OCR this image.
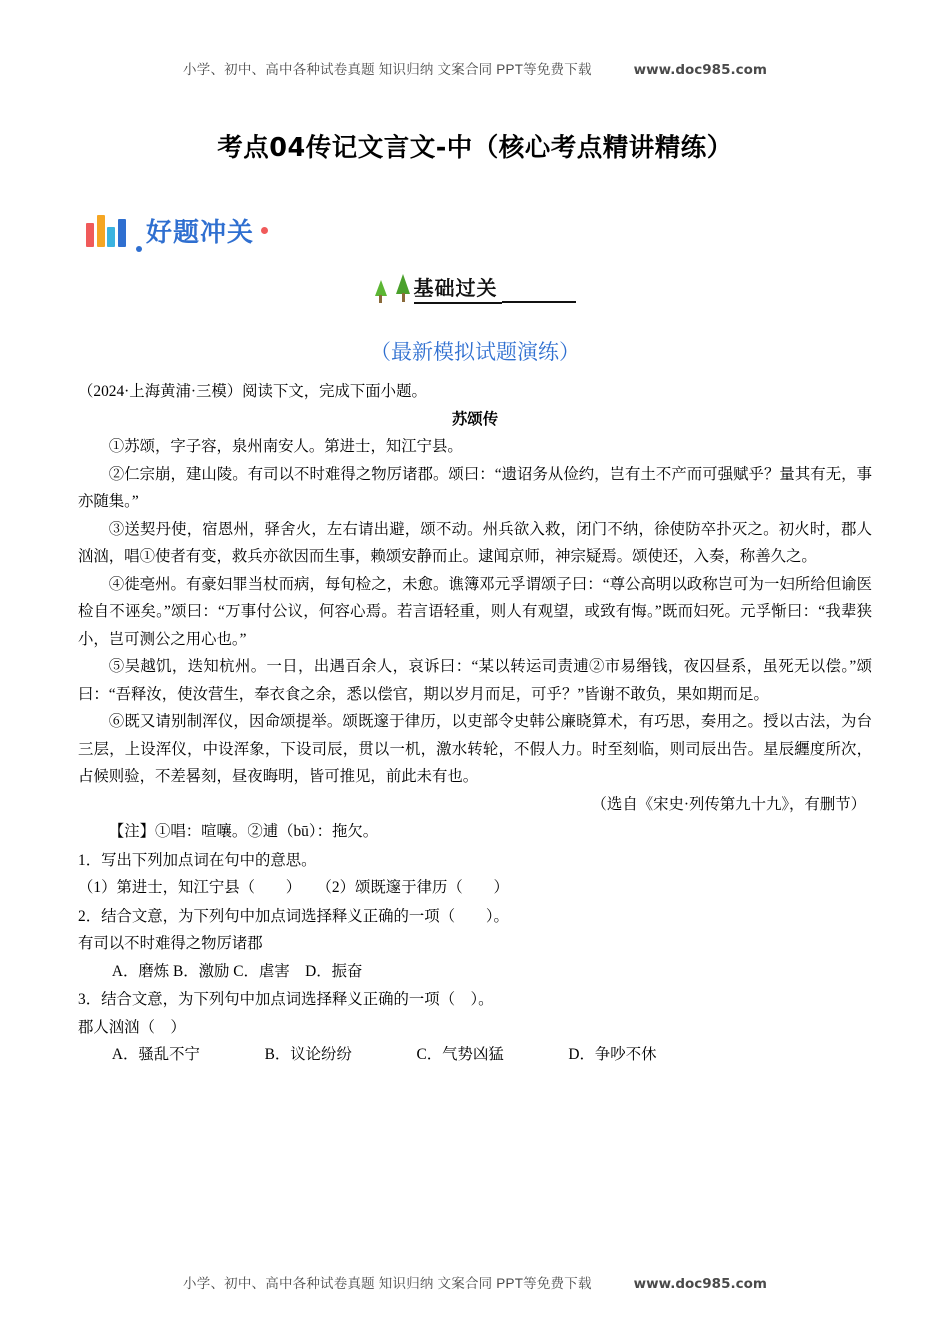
小学、初中、高中各种试卷真题 知识归纳 文案合同 PPT等免费下载	www.doc985.com
考点04传记文言文-中（核心考点精讲精练）
好题冲关
基础过关
（最新模拟试题演练）

（2024·上海黄浦·三模）阅读下文，完成下面小题。

苏颂传

①苏颂，字子容，泉州南安人。第进士，知江宁县。

②仁宗崩，建山陵。有司以不时难得之物厉诸郡。颂曰：“遗诏务从俭约，岂有土不产而可强赋乎？量其有无，事亦随集。”

③送契丹使，宿恩州，驿舍火，左右请出避，颂不动。州兵欲入救，闭门不纳，徐使防卒扑灭之。初火时，郡人汹汹，唱①使者有变，救兵亦欲因而生事，赖颂安静而止。逮闻京师，神宗疑焉。颂使还，入奏，称善久之。

④徙亳州。有豪妇罪当杖而病，每旬检之，未愈。谯簿邓元孚谓颂子曰：“尊公高明以政称岂可为一妇所给但谕医检自不诬矣。”颂曰：“万事付公议，何容心焉。若言语轻重，则人有观望，或致有悔。”既而妇死。元孚惭曰：“我辈狭小，岂可测公之用心也。”

⑤吴越饥，迭知杭州。一日，出遇百余人，哀诉曰：“某以转运司责逋②市易缗钱，夜囚昼系，虽死无以偿。”颂曰：“吾释汝，使汝营生，奉衣食之余，悉以偿官，期以岁月而足，可乎？”皆谢不敢负，果如期而足。

⑥既又请别制浑仪，因命颂提举。颂既邃于律历，以吏部令史韩公廉晓算术，有巧思，奏用之。授以古法，为台三层，上设浑仪，中设浑象，下设司辰，贯以一机，激水转轮，不假人力。时至刻临，则司辰出告。星辰纒度所次，占候则验，不差晷刻，昼夜晦明，皆可推见，前此未有也。

（选自《宋史·列传第九十九》，有删节）

【注】①唱：喧嚷。②逋（bū）：拖欠。

1．写出下列加点词在句中的意思。

（1）第进士，知江宁县（　　）　　（2）颂既邃于律历（　　）

2．结合文意，为下列句中加点词选择释义正确的一项（　　）。

有司以不时难得之物厉诸郡

A．磨炼 B．激励 C．虐害　D．振奋

3．结合文意，为下列句中加点词选择释义正确的一项（　）。

郡人汹汹（　）

A．骚乱不宁	B．议论纷纷	C．气势凶猛	D．争吵不休

小学、初中、高中各种试卷真题 知识归纳 文案合同 PPT等免费下载	www.doc985.com
